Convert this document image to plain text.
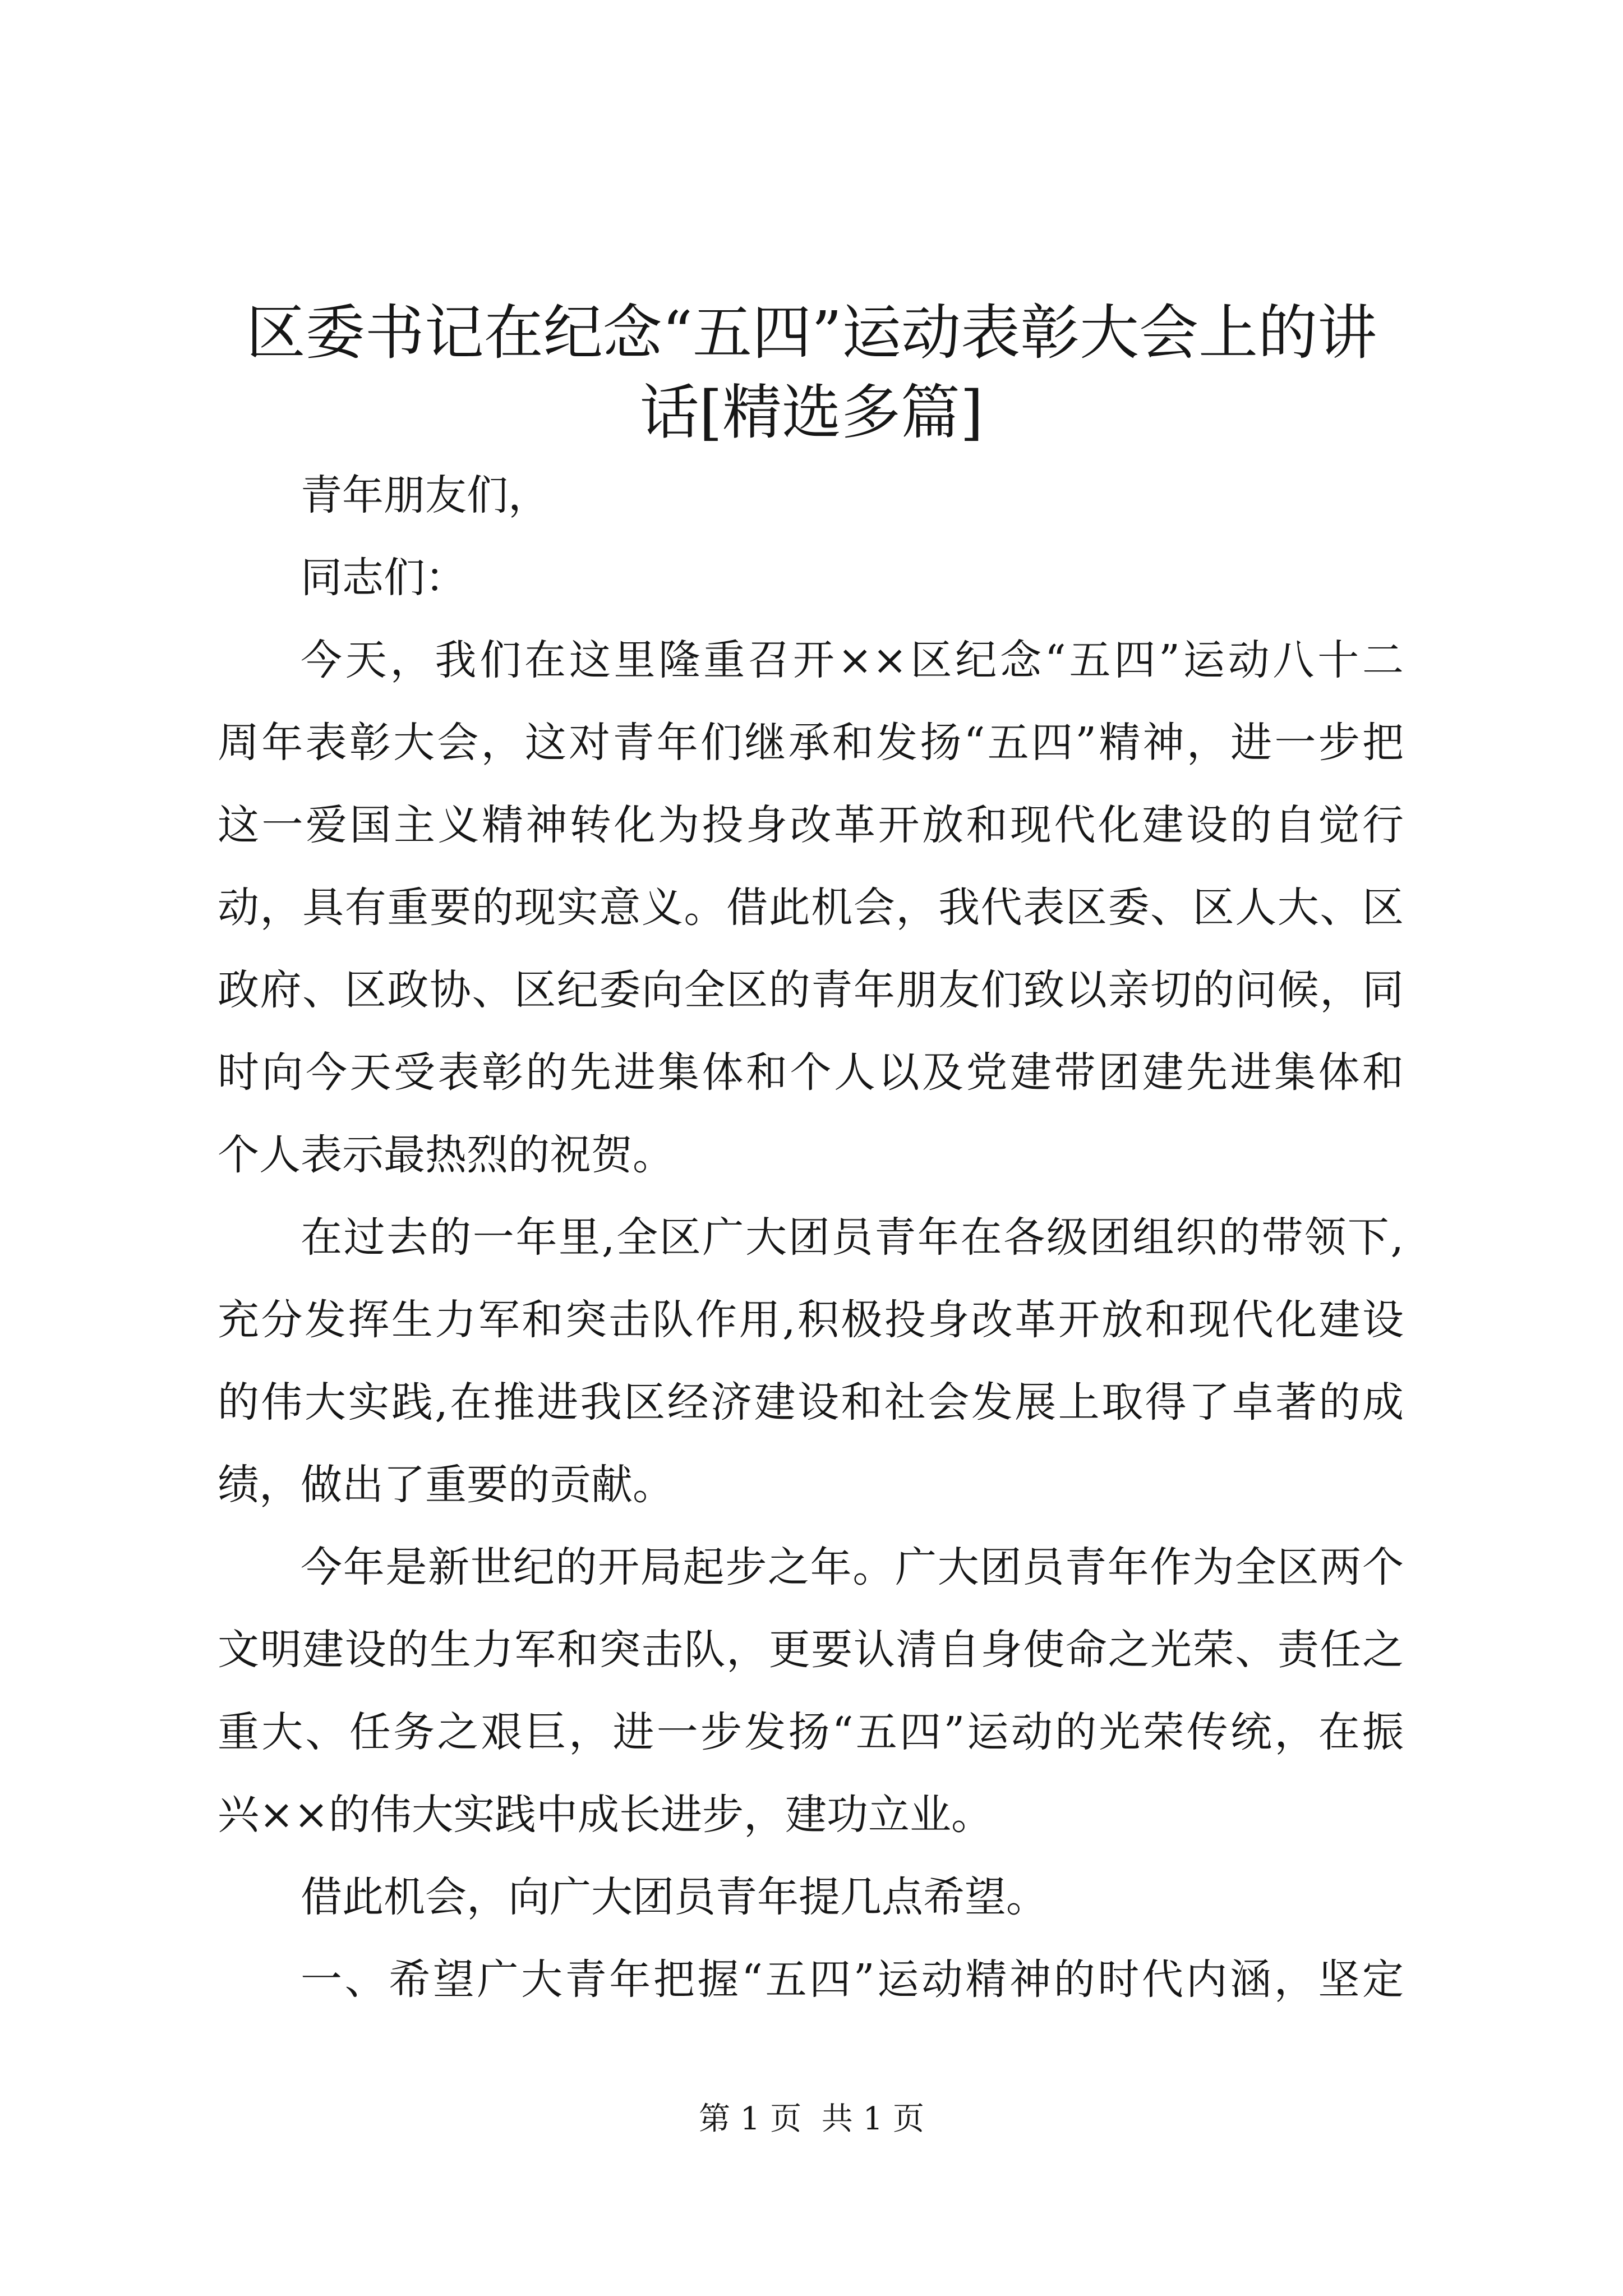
区委书记在纪念“五四”运动表彰大会上的讲
话[精选多篇]
青年朋友们，
同志们：
今天，我们在这里隆重召开××区纪念“五四”运动八十二
周年表彰大会，这对青年们继承和发扬“五四”精神，进一步把
这一爱国主义精神转化为投身改革开放和现代化建设的自觉行
动，具有重要的现实意义。借此机会，我代表区委、区人大、区
政府、区政协、区纪委向全区的青年朋友们致以亲切的问候，同
时向今天受表彰的先进集体和个人以及党建带团建先进集体和
个人表示最热烈的祝贺。
在过去的一年里,全区广大团员青年在各级团组织的带领下,
充分发挥生力军和突击队作用,积极投身改革开放和现代化建设
的伟大实践,在推进我区经济建设和社会发展上取得了卓著的成
绩，做出了重要的贡献。
今年是新世纪的开局起步之年。广大团员青年作为全区两个
文明建设的生力军和突击队，更要认清自身使命之光荣、责任之
重大、任务之艰巨，进一步发扬“五四”运动的光荣传统，在振
兴××的伟大实践中成长进步，建功立业。
借此机会，向广大团员青年提几点希望。
一、希望广大青年把握“五四”运动精神的时代内涵，坚定
第 1 页  共 1 页
